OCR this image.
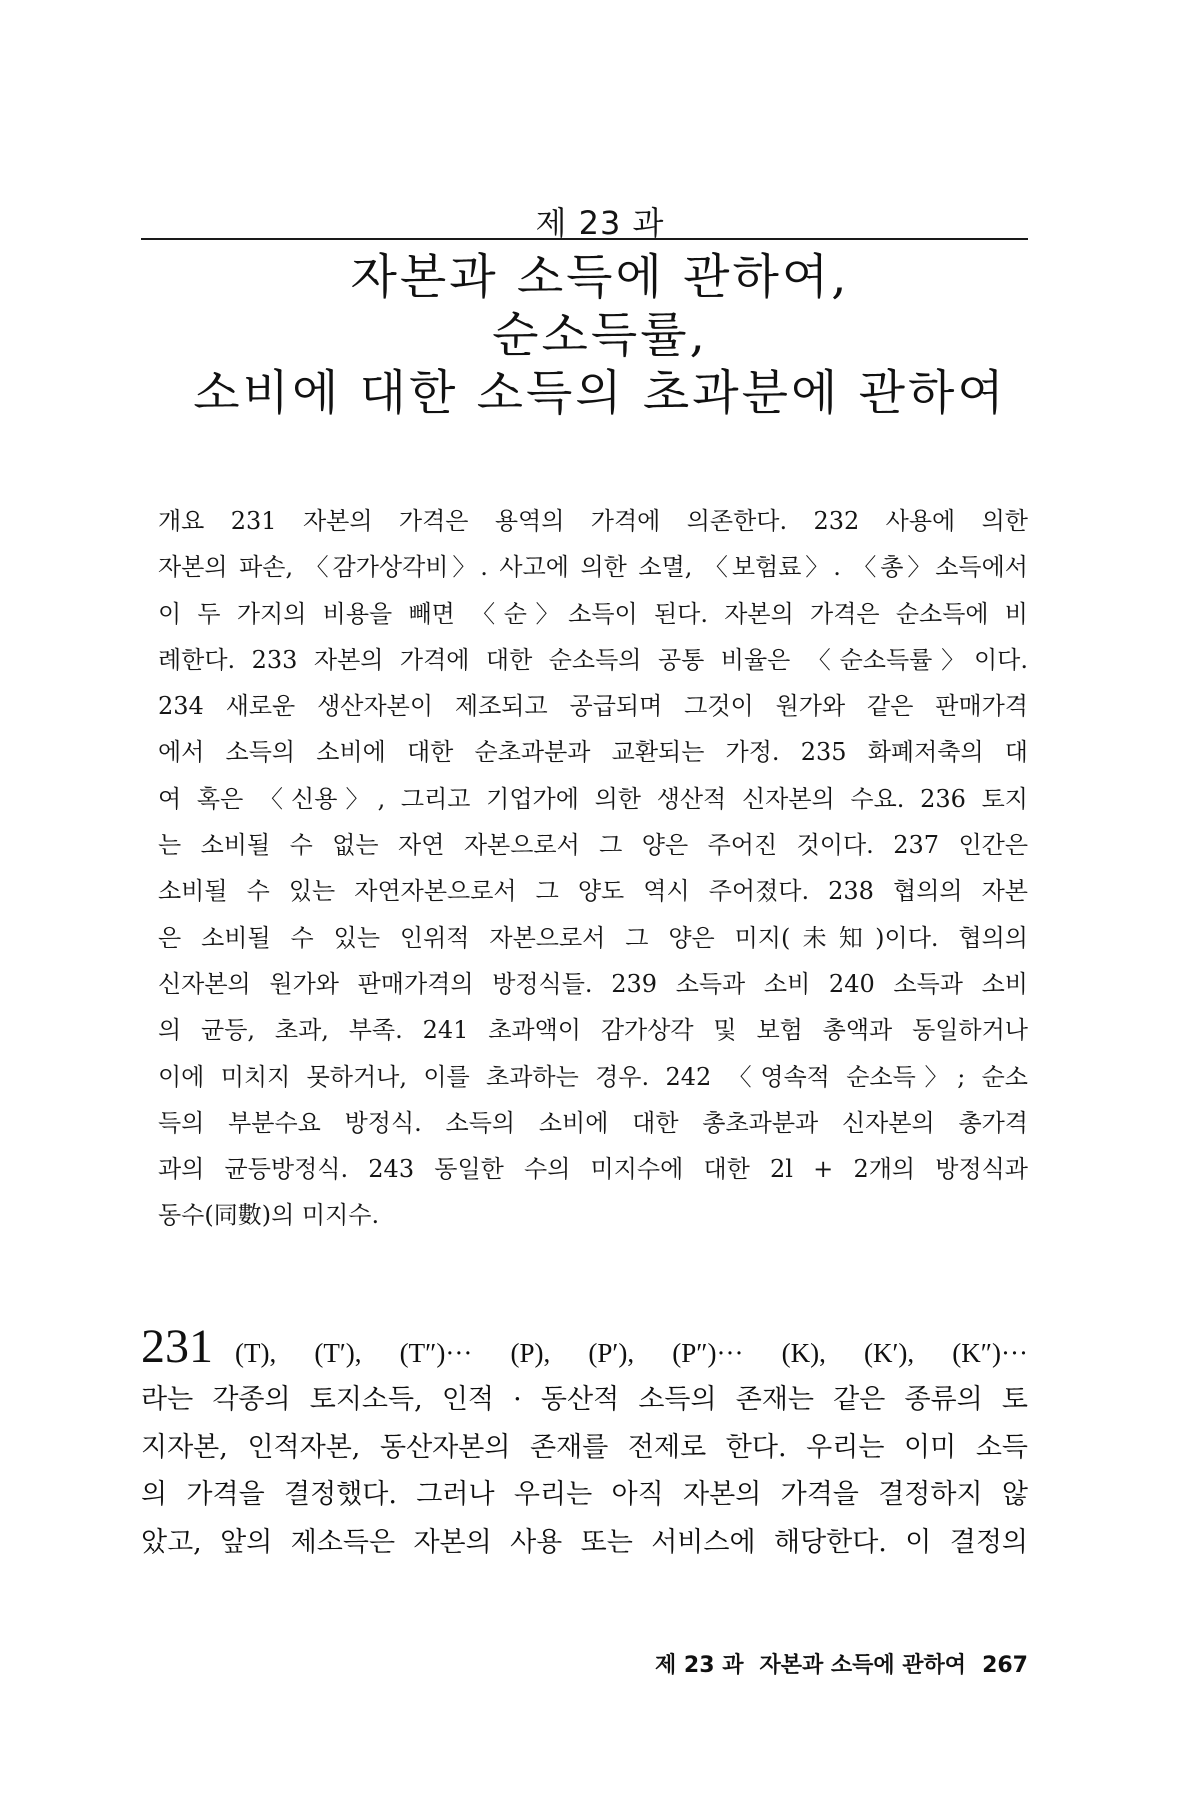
제 23 과
자본과 소득에 관하여,
순소득률,
소비에 대한 소득의 초과분에 관하여
개요 231 자본의 가격은 용역의 가격에 의존한다. 232 사용에 의한
자본의 파손, 〈감가상각비〉. 사고에 의한 소멸, 〈보험료〉. 〈총〉소득에서
이 두 가지의 비용을 빼면 〈순〉소득이 된다. 자본의 가격은 순소득에 비
례한다. 233 자본의 가격에 대한 순소득의 공통 비율은 〈순소득률〉이다.
234 새로운 생산자본이 제조되고 공급되며 그것이 원가와 같은 판매가격
에서 소득의 소비에 대한 순초과분과 교환되는 가정. 235 화폐저축의 대
여 혹은 〈신용〉, 그리고 기업가에 의한 생산적 신자본의 수요. 236 토지
는 소비될 수 없는 자연 자본으로서 그 양은 주어진 것이다. 237 인간은
소비될 수 있는 자연자본으로서 그 양도 역시 주어졌다. 238 협의의 자본
은 소비될 수 있는 인위적 자본으로서 그 양은 미지(未知)이다. 협의의
신자본의 원가와 판매가격의 방정식들. 239 소득과 소비 240 소득과 소비
의 균등, 초과, 부족. 241 초과액이 감가상각 및 보험 총액과 동일하거나
이에 미치지 못하거나, 이를 초과하는 경우. 242 〈영속적 순소득〉; 순소
득의 부분수요 방정식. 소득의 소비에 대한 총초과분과 신자본의 총가격
과의 균등방정식. 243 동일한 수의 미지수에 대한 2l + 2개의 방정식과
동수(同數)의 미지수.
231 (T), (T′), (T″)··· (P), (P′), (P″)··· (K), (K′), (K″)···
라는 각종의 토지소득, 인적 · 동산적 소득의 존재는 같은 종류의 토
지자본, 인적자본, 동산자본의 존재를 전제로 한다. 우리는 이미 소득
의 가격을 결정했다. 그러나 우리는 아직 자본의 가격을 결정하지 않
았고, 앞의 제소득은 자본의 사용 또는 서비스에 해당한다. 이 결정의
제 23 과 자본과 소득에 관하여 267
